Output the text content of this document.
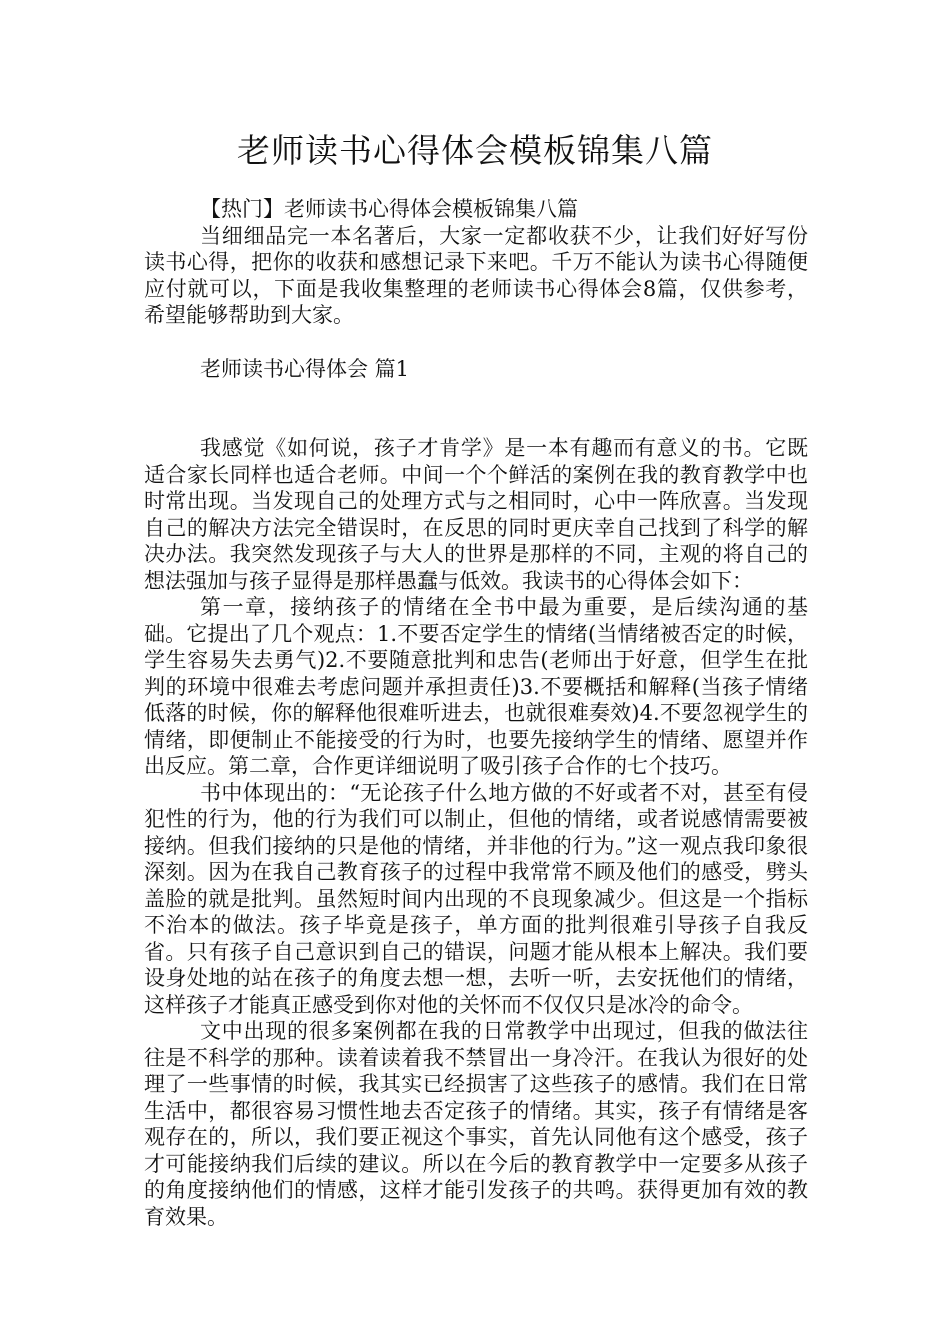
老师读书心得体会模板锦集八篇

【热门】老师读书心得体会模板锦集八篇

当细细品完一本名著后，大家一定都收获不少，让我们好好写份读书心得，把你的收获和感想记录下来吧。千万不能认为读书心得随便应付就可以，下面是我收集整理的老师读书心得体会8篇，仅供参考，希望能够帮助到大家。

老师读书心得体会 篇1

我感觉《如何说，孩子才肯学》是一本有趣而有意义的书。它既适合家长同样也适合老师。中间一个个鲜活的案例在我的教育教学中也时常出现。当发现自己的处理方式与之相同时，心中一阵欣喜。当发现自己的解决方法完全错误时，在反思的同时更庆幸自己找到了科学的解决办法。我突然发现孩子与大人的世界是那样的不同，主观的将自己的想法强加与孩子显得是那样愚蠢与低效。我读书的心得体会如下：

第一章，接纳孩子的情绪在全书中最为重要，是后续沟通的基础。它提出了几个观点：1.不要否定学生的情绪(当情绪被否定的时候，学生容易失去勇气)2.不要随意批判和忠告(老师出于好意，但学生在批判的环境中很难去考虑问题并承担责任)3.不要概括和解释(当孩子情绪低落的时候，你的解释他很难听进去，也就很难奏效)4.不要忽视学生的情绪，即便制止不能接受的行为时，也要先接纳学生的情绪、愿望并作出反应。第二章，合作更详细说明了吸引孩子合作的七个技巧。

书中体现出的：“无论孩子什么地方做的不好或者不对，甚至有侵犯性的行为，他的行为我们可以制止，但他的情绪，或者说感情需要被接纳。但我们接纳的只是他的情绪，并非他的行为。”这一观点我印象很深刻。因为在我自己教育孩子的过程中我常常不顾及他们的感受，劈头盖脸的就是批判。虽然短时间内出现的不良现象减少。但这是一个指标不治本的做法。孩子毕竟是孩子，单方面的批判很难引导孩子自我反省。只有孩子自己意识到自己的错误，问题才能从根本上解决。我们要设身处地的站在孩子的角度去想一想，去听一听，去安抚他们的情绪，这样孩子才能真正感受到你对他的关怀而不仅仅只是冰冷的命令。

文中出现的很多案例都在我的日常教学中出现过，但我的做法往往是不科学的那种。读着读着我不禁冒出一身冷汗。在我认为很好的处理了一些事情的时候，我其实已经损害了这些孩子的感情。我们在日常生活中，都很容易习惯性地去否定孩子的情绪。其实，孩子有情绪是客观存在的，所以，我们要正视这个事实，首先认同他有这个感受，孩子才可能接纳我们后续的建议。所以在今后的教育教学中一定要多从孩子的角度接纳他们的情感，这样才能引发孩子的共鸣。获得更加有效的教育效果。
